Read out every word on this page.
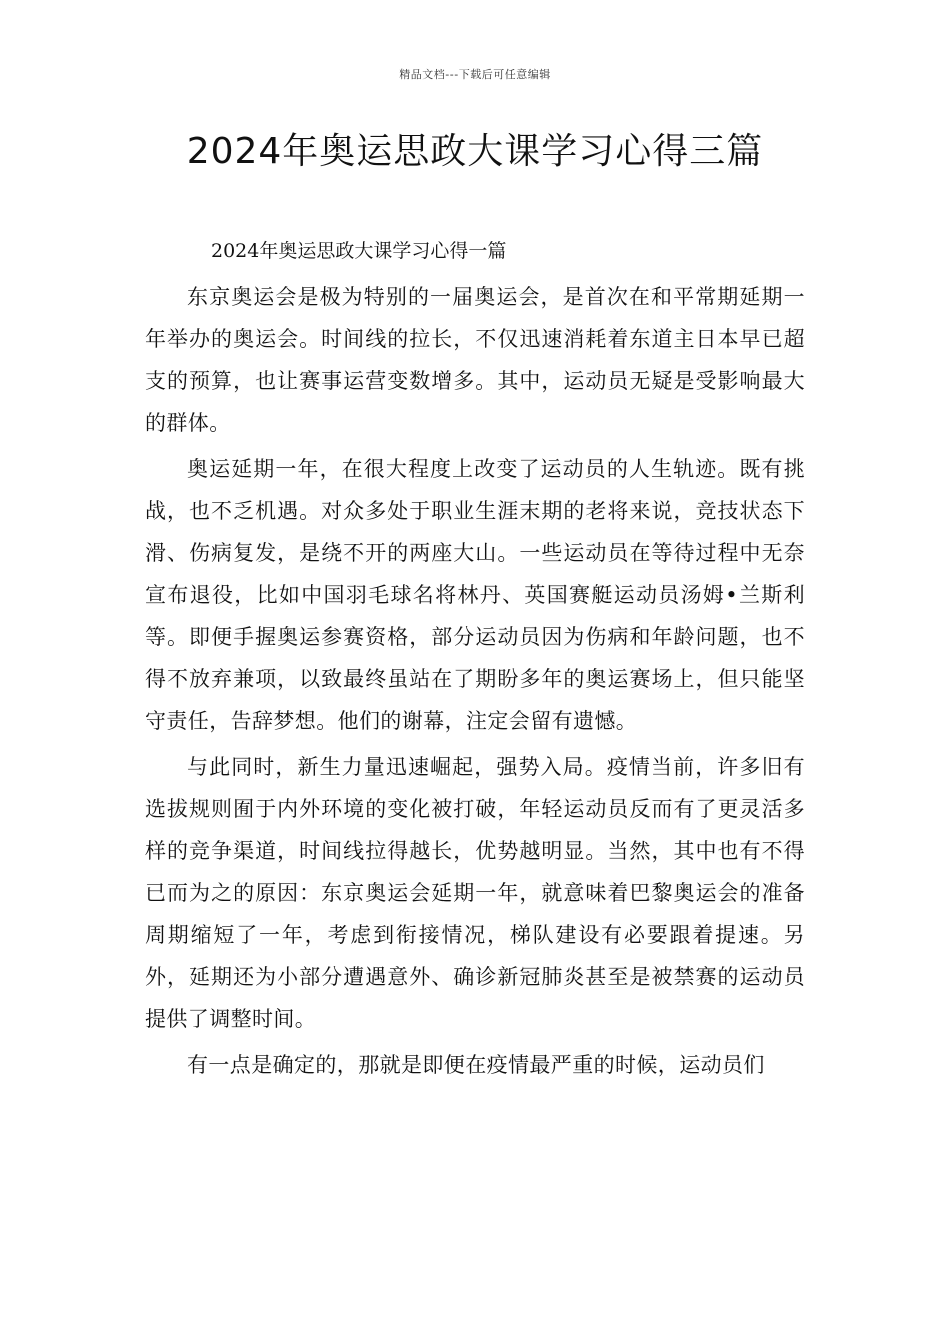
精品文档---下载后可任意编辑
2024年奥运思政大课学习心得三篇
2024年奥运思政大课学习心得一篇

东京奥运会是极为特别的一届奥运会，是首次在和平常期延期一年举办的奥运会。时间线的拉长，不仅迅速消耗着东道主日本早已超支的预算，也让赛事运营变数增多。其中，运动员无疑是受影响最大的群体。

奥运延期一年，在很大程度上改变了运动员的人生轨迹。既有挑战，也不乏机遇。对众多处于职业生涯末期的老将来说，竞技状态下滑、伤病复发，是绕不开的两座大山。一些运动员在等待过程中无奈宣布退役，比如中国羽毛球名将林丹、英国赛艇运动员汤姆•兰斯利等。即便手握奥运参赛资格，部分运动员因为伤病和年龄问题，也不得不放弃兼项，以致最终虽站在了期盼多年的奥运赛场上，但只能坚守责任，告辞梦想。他们的谢幕，注定会留有遗憾。

与此同时，新生力量迅速崛起，强势入局。疫情当前，许多旧有选拔规则囿于内外环境的变化被打破，年轻运动员反而有了更灵活多样的竞争渠道，时间线拉得越长，优势越明显。当然，其中也有不得已而为之的原因：东京奥运会延期一年，就意味着巴黎奥运会的准备周期缩短了一年，考虑到衔接情况，梯队建设有必要跟着提速。另外，延期还为小部分遭遇意外、确诊新冠肺炎甚至是被禁赛的运动员提供了调整时间。

有一点是确定的，那就是即便在疫情最严重的时候，运动员们
